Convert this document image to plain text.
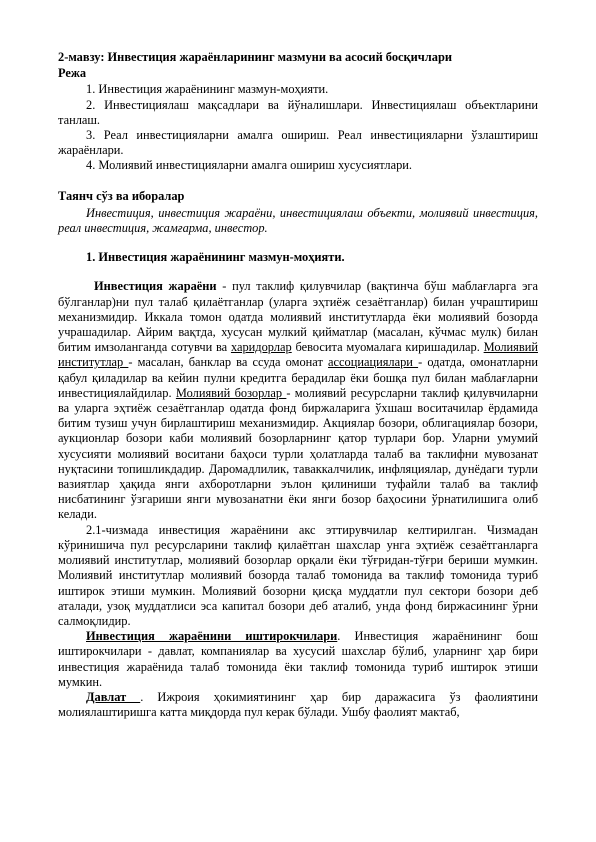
2-мавзу: Инвестиция жараёнларининг мазмуни ва асосий босқичлари

Режа

1. Инвестиция жараёнининг мазмун-моҳияти.

2. Инвестициялаш мақсадлари ва йўналишлари. Инвестициялаш объектларини танлаш.

3. Реал инвестицияларни амалга ошириш. Реал инвестицияларни ўзлаштириш жараёнлари.

4. Молиявий инвестицияларни амалга ошириш хусусиятлари.

Таянч сўз ва иборалар

Инвестиция, инвестиция жараёни, инвестициялаш объекти, молиявий инвестиция, реал инвестиция, жамғарма, инвестор.

1. Инвестиция жараёнининг мазмун-моҳияти.

Инвестиция жараёни - пул таклиф қилувчилар (вақтинча бўш маблағларга эга бўлганлар)ни пул талаб қилаётганлар (уларга эҳтиёж сезаётганлар) билан учраштириш механизмидир. Иккала томон одатда молиявий институтларда ёки молиявий бозорда учрашадилар. Айрим вақтда, хусусан мулкий қийматлар (масалан, кўчмас мулк) билан битим имзоланганда сотувчи ва харидорлар бевосита муомалага киришадилар. Молиявий институтлар - масалан, банклар ва ссуда омонат ассоциациялари - одатда, омонатларни қабул қиладилар ва кейин пулни кредитга берадилар ёки бошқа пул билан маблағларни инвестициялайдилар. Молиявий бозорлар - молиявий ресурсларни таклиф қилувчиларни ва уларга эҳтиёж сезаётганлар одатда фонд биржаларига ўхшаш воситачилар ёрдамида битим тузиш учун бирлаштириш механизмидир. Акциялар бозори, облигациялар бозори, аукционлар бозори каби молиявий бозорларнинг қатор турлари бор. Уларни умумий хусусияти молиявий воситани баҳоси турли ҳолатларда талаб ва таклифни мувозанат нуқтасини топишликдадир. Даромадлилик, таваккалчилик, инфляциялар, дунёдаги турли вазиятлар ҳақида янги ахборотларни эълон қилиниши туфайли талаб ва таклиф нисбатининг ўзгариши янги мувозанатни ёки янги бозор баҳосини ўрнатилишига олиб келади.

2.1-чизмада инвестиция жараёнини акс эттирувчилар келтирилган. Чизмадан кўринишича пул ресурсларини таклиф қилаётган шахслар унга эҳтиёж сезаётганларга молиявий институтлар, молиявий бозорлар орқали ёки тўғридан-тўғри бериши мумкин. Молиявий институтлар молиявий бозорда талаб томонида ва таклиф томонида туриб иштирок этиши мумкин. Молиявий бозорни қисқа муддатли пул сектори бозори деб аталади, узоқ муддатлиси эса капитал бозори деб аталиб, унда фонд биржасининг ўрни салмоқлидир.

Инвестиция жараёнини иштирокчилари. Инвестиция жараёнининг бош иштирокчилари - давлат, компаниялар ва хусусий шахслар бўлиб, уларнинг ҳар бири инвестиция жараёнида талаб томонида ёки таклиф томонида туриб иштирок этиши мумкин.

Давлат . Ижроия ҳокимиятининг ҳар бир даражасига ўз фаолиятини молиялаштиришга катта миқдорда пул керак бўлади. Ушбу фаолият мактаб,
